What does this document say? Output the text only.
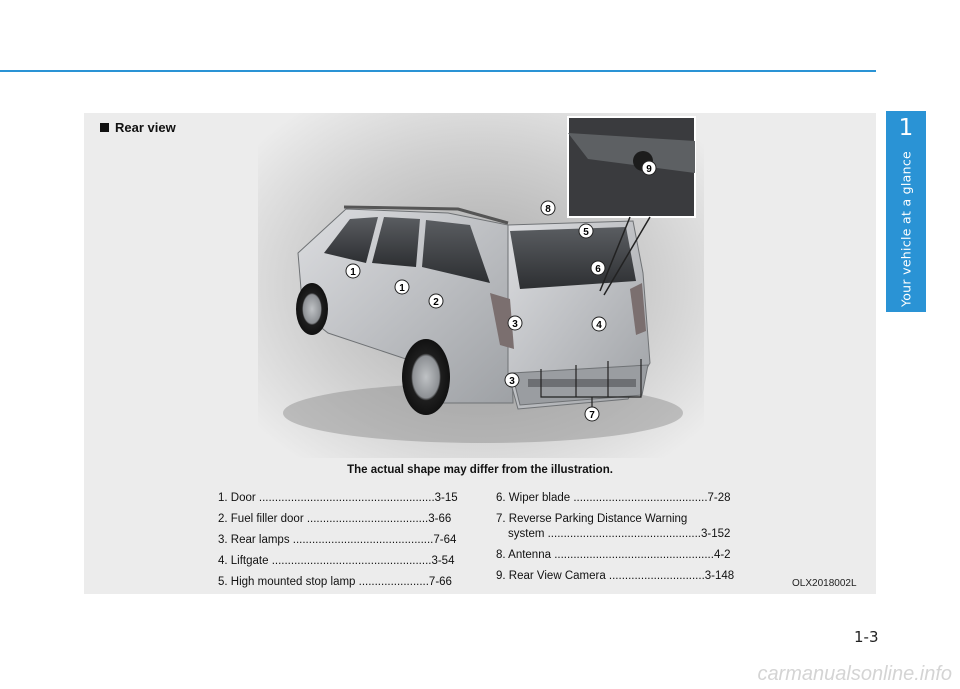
1
Your vehicle at a glance
Rear view
1
1
2
3
3
4
5
6
7
8
9
The actual shape may differ from the illustration.
1. Door .......................................................3-15
2. Fuel filler door ......................................3-66
3. Rear lamps ............................................7-64
4. Liftgate ..................................................3-54
5. High mounted stop lamp ......................7-66
6. Wiper blade ..........................................7-28
7. Reverse Parking Distance Warning
system ................................................3-152
8. Antenna ..................................................4-2
9. Rear View Camera ..............................3-148
OLX2018002L
1-3
carmanualsonline.info
